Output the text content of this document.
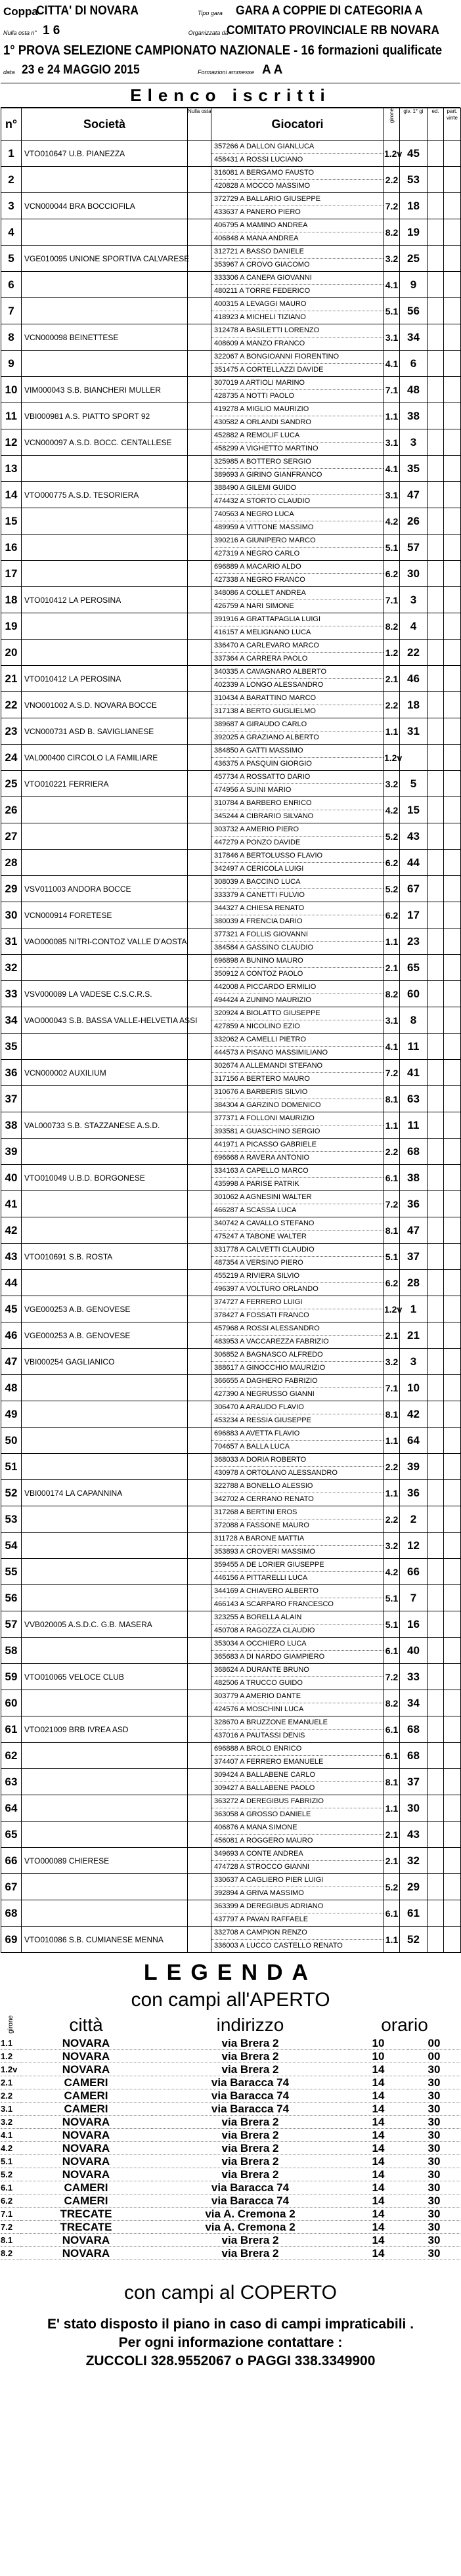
Coppa
CITTA' DI NOVARA	Tipo gara	GARA A COPPIE DI CATEGORIA A
Nulla osta n° 1 6	Organizzata da
COMITATO PROVINCIALE RB NOVARA
1° PROVA SELEZIONE CAMPIONATO NAZIONALE - 16 formazioni qualificate
data 23 e 24 MAGGIO 2015	Formazioni ammesse A A
Elenco iscritti
n°	Società	Nulla osta	Giocatori	girone	giv. 1° gi	ed.	part. vinte
1	VTO010647 U.B. PIANEZZA		357266 A DALLON GIANLUCA
458431 A ROSSI LUCIANO	1.2v	45		
2			316081 A BERGAMO FAUSTO
420828 A MOCCO MASSIMO	2.2	53		
3	VCN000044 BRA BOCCIOFILA		372729 A BALLARIO GIUSEPPE
433637 A PANERO PIERO	7.2	18		
4			406795 A MAMINO ANDREA
406848 A MANA ANDREA	8.2	19		
5	VGE010095 UNIONE SPORTIVA CALVARESE		312721 A BASSO DANIELE
353967 A CROVO GIACOMO	3.2	25		
6			333306 A CANEPA GIOVANNI
480211 A TORRE FEDERICO	4.1	9		
7			400315 A LEVAGGI MAURO
418923 A MICHELI TIZIANO	5.1	56		
8	VCN000098 BEINETTESE		312478 A BASILETTI LORENZO
408609 A MANZO FRANCO	3.1	34		
9			322067 A BONGIOANNI FIORENTINO
351475 A CORTELLAZZI DAVIDE	4.1	6		
10	VIM000043 S.B. BIANCHERI MULLER		307019 A ARTIOLI MARINO
428735 A NOTTI PAOLO	7.1	48		
11	VBI000981 A.S. PIATTO SPORT 92		419278 A MIGLIO MAURIZIO
430582 A ORLANDI SANDRO	1.1	38		
12	VCN000097 A.S.D. BOCC. CENTALLESE		452882 A REMOLIF LUCA
458299 A VIGHETTO MARTINO	3.1	3		
13			325985 A BOTTERO SERGIO
389693 A GIRINO GIANFRANCO	4.1	35		
14	VTO000775 A.S.D. TESORIERA		388490 A GILEMI GUIDO
474432 A STORTO CLAUDIO	3.1	47		
15			740563 A NEGRO LUCA
489959 A VITTONE MASSIMO	4.2	26		
16			390216 A GIUNIPERO MARCO
427319 A NEGRO CARLO	5.1	57		
17			696889 A MACARIO ALDO
427338 A NEGRO FRANCO	6.2	30		
18	VTO010412 LA PEROSINA		348086 A COLLET ANDREA
426759 A NARI SIMONE	7.1	3		
19			391916 A GRATTAPAGLIA LUIGI
416157 A MELIGNANO LUCA	8.2	4		
20			336470 A CARLEVARO MARCO
337364 A CARRERA PAOLO	1.2	22		
21	VTO010412 LA PEROSINA		340335 A CAVAGNARO ALBERTO
402339 A LONGO ALESSANDRO	2.1	46		
22	VNO001002 A.S.D. NOVARA BOCCE		310434 A BARATTINO MARCO
317138 A BERTO GUGLIELMO	2.2	18		
23	VCN000731 ASD B. SAVIGLIANESE		389687 A GIRAUDO CARLO
392025 A GRAZIANO ALBERTO	1.1	31		
24	VAL000400 CIRCOLO LA FAMILIARE		384850 A GATTI MASSIMO
436375 A PASQUIN GIORGIO	1.2v			
25	VTO010221 FERRIERA		457734 A ROSSATTO DARIO
474956 A SUINI MARIO	3.2	5		
26			310784 A BARBERO ENRICO
345244 A CIBRARIO SILVANO	4.2	15		
27			303732 A AMERIO PIERO
447279 A PONZO DAVIDE	5.2	43		
28			317846 A BERTOLUSSO FLAVIO
342497 A CERICOLA LUIGI	6.2	44		
29	VSV011003 ANDORA BOCCE		308039 A BACCINO LUCA
333379 A CANETTI FULVIO	5.2	67		
30	VCN000914 FORETESE		344327 A CHIESA RENATO
380039 A FRENCIA DARIO	6.2	17		
31	VAO000085 NITRI-CONTOZ VALLE D'AOSTA		377321 A FOLLIS GIOVANNI
384584 A GASSINO CLAUDIO	1.1	23		
32			696898 A BUNINO MAURO
350912 A CONTOZ PAOLO	2.1	65		
33	VSV000089 LA VADESE C.S.C.R.S.		442008 A PICCARDO ERMILIO
494424 A ZUNINO MAURIZIO	8.2	60		
34	VAO000043 S.B. BASSA VALLE-HELVETIA ASSI		320924 A BIOLATTO GIUSEPPE
427859 A NICOLINO EZIO	3.1	8		
35			332062 A CAMELLI PIETRO
444573 A PISANO MASSIMILIANO	4.1	11		
36	VCN000002 AUXILIUM		302674 A ALLEMANDI STEFANO
317156 A BERTERO MAURO	7.2	41		
37			310676 A BARBERIS SILVIO
384304 A GARZINO DOMENICO	8.1	63		
38	VAL000733 S.B. STAZZANESE A.S.D.		377371 A FOLLONI MAURIZIO
393581 A GUASCHINO SERGIO	1.1	11		
39			441971 A PICASSO GABRIELE
696668 A RAVERA ANTONIO	2.2	68		
40	VTO010049 U.B.D. BORGONESE		334163 A CAPELLO MARCO
435998 A PARISE PATRIK	6.1	38		
41			301062 A AGNESINI WALTER
466287 A SCASSA LUCA	7.2	36		
42			340742 A CAVALLO STEFANO
475247 A TABONE WALTER	8.1	47		
43	VTO010691 S.B. ROSTA		331778 A CALVETTI CLAUDIO
487354 A VERSINO PIERO	5.1	37		
44			455219 A RIVIERA SILVIO
496397 A VOLTURO ORLANDO	6.2	28		
45	VGE000253 A.B. GENOVESE		374727 A FERRERO LUIGI
378427 A FOSSATI FRANCO	1.2v	1		
46	VGE000253 A.B. GENOVESE		457968 A ROSSI ALESSANDRO
483953 A VACCAREZZA FABRIZIO	2.1	21		
47	VBI000254 GAGLIANICO		306852 A BAGNASCO ALFREDO
388617 A GINOCCHIO MAURIZIO	3.2	3		
48			366655 A DAGHERO FABRIZIO
427390 A NEGRUSSO GIANNI	7.1	10		
49			306470 A ARAUDO FLAVIO
453234 A RESSIA GIUSEPPE	8.1	42		
50			696883 A AVETTA FLAVIO
704657 A BALLA LUCA	1.1	64		
51			368033 A DORIA ROBERTO
430978 A ORTOLANO ALESSANDRO	2.2	39		
52	VBI000174 LA CAPANNINA		322788 A BONELLO ALESSIO
342702 A CERRANO RENATO	1.1	36		
53			317268 A BERTINI EROS
372088 A FASSONE MAURO	2.2	2		
54			311728 A BARONE MATTIA
353893 A CROVERI MASSIMO	3.2	12		
55			359455 A DE LORIER GIUSEPPE
446156 A PITTARELLI LUCA	4.2	66		
56			344169 A CHIAVERO ALBERTO
466143 A SCARPARO FRANCESCO	5.1	7		
57	VVB020005 A.S.D.C. G.B. MASERA		323255 A BORELLA ALAIN
450708 A RAGOZZA CLAUDIO	5.1	16		
58			353034 A OCCHIERO LUCA
365683 A DI NARDO GIAMPIERO	6.1	40		
59	VTO010065 VELOCE CLUB		368624 A DURANTE BRUNO
482506 A TRUCCO GUIDO	7.2	33		
60			303779 A AMERIO DANTE
424576 A MOSCHINI LUCA	8.2	34		
61	VTO021009 BRB IVREA ASD		328670 A BRUZZONE EMANUELE
437016 A PAUTASSI DENIS	6.1	68		
62			696888 A BROLO ENRICO
374407 A FERRERO EMANUELE	6.1	68		
63			309424 A BALLABENE CARLO
309427 A BALLABENE PAOLO	8.1	37		
64			363272 A DEREGIBUS FABRIZIO
363058 A GROSSO DANIELE	1.1	30		
65			406876 A MANA SIMONE
456081 A ROGGERO MAURO	2.1	43		
66	VTO000089 CHIERESE		349693 A CONTE ANDREA
474728 A STROCCO GIANNI	2.1	32		
67			330637 A CAGLIERO PIER LUIGI
392894 A GRIVA MASSIMO	5.2	29		
68			363399 A DEREGIBUS ADRIANO
437797 A PAVAN RAFFAELE	6.1	61		
69	VTO010086 S.B. CUMIANESE MENNA		332708 A CAMPION RENZO
336003 A LUCCO CASTELLO RENATO	1.1	52		
LEGENDA
con campi all'APERTO
girone	città	indirizzo	orario	
1.1	NOVARA	via Brera 2	10	00
1.2	NOVARA	via Brera 2	10	00
1.2v	NOVARA	via Brera 2	14	30
2.1	CAMERI	via Baracca 74	14	30
2.2	CAMERI	via Baracca 74	14	30
3.1	CAMERI	via Baracca 74	14	30
3.2	NOVARA	via Brera 2	14	30
4.1	NOVARA	via Brera 2	14	30
4.2	NOVARA	via Brera 2	14	30
5.1	NOVARA	via Brera 2	14	30
5.2	NOVARA	via Brera 2	14	30
6.1	CAMERI	via Baracca 74	14	30
6.2	CAMERI	via Baracca 74	14	30
7.1	TRECATE	via A. Cremona 2	14	30
7.2	TRECATE	via A. Cremona 2	14	30
8.1	NOVARA	via Brera 2	14	30
8.2	NOVARA	via Brera 2	14	30
con campi al COPERTO
E' stato disposto il piano in caso di campi impraticabili .
Per ogni informazione contattare :
ZUCCOLI 328.9552067 o PAGGI 338.3349900
